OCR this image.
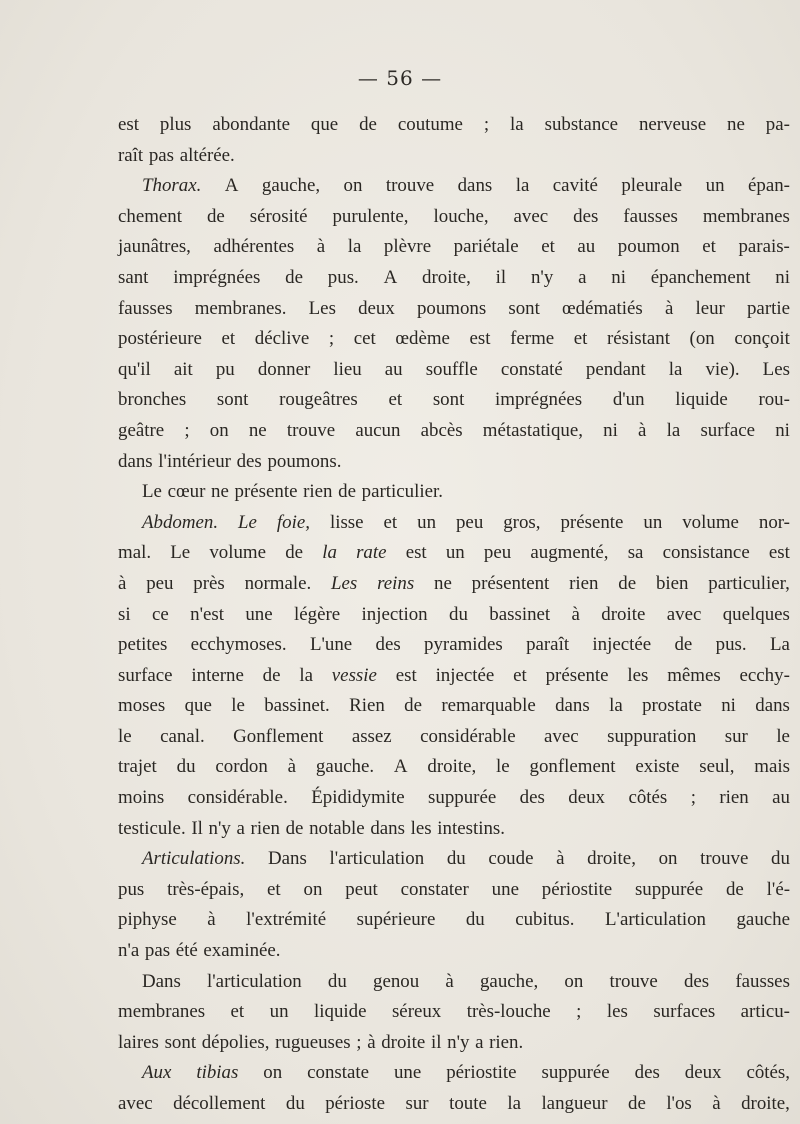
— 56 —
est plus abondante que de coutume ; la substance nerveuse ne pa-
raît pas altérée.
Thorax. A gauche, on trouve dans la cavité pleurale un épan-
chement de sérosité purulente, louche, avec des fausses membranes
jaunâtres, adhérentes à la plèvre pariétale et au poumon et parais-
sant imprégnées de pus. A droite, il n'y a ni épanchement ni
fausses membranes. Les deux poumons sont œdématiés à leur partie
postérieure et déclive ; cet œdème est ferme et résistant (on conçoit
qu'il ait pu donner lieu au souffle constaté pendant la vie). Les
bronches sont rougeâtres et sont imprégnées d'un liquide rou-
geâtre ; on ne trouve aucun abcès métastatique, ni à la surface ni
dans l'intérieur des poumons.
Le cœur ne présente rien de particulier.
Abdomen. Le foie, lisse et un peu gros, présente un volume nor-
mal. Le volume de la rate est un peu augmenté, sa consistance est
à peu près normale. Les reins ne présentent rien de bien particulier,
si ce n'est une légère injection du bassinet à droite avec quelques
petites ecchymoses. L'une des pyramides paraît injectée de pus. La
surface interne de la vessie est injectée et présente les mêmes ecchy-
moses que le bassinet. Rien de remarquable dans la prostate ni dans
le canal. Gonflement assez considérable avec suppuration sur le
trajet du cordon à gauche. A droite, le gonflement existe seul, mais
moins considérable. Épididymite suppurée des deux côtés ; rien au
testicule. Il n'y a rien de notable dans les intestins.
Articulations. Dans l'articulation du coude à droite, on trouve du
pus très-épais, et on peut constater une périostite suppurée de l'é-
piphyse à l'extrémité supérieure du cubitus. L'articulation gauche
n'a pas été examinée.
Dans l'articulation du genou à gauche, on trouve des fausses
membranes et un liquide séreux très-louche ; les surfaces articu-
laires sont dépolies, rugueuses ; à droite il n'y a rien.
Aux tibias on constate une périostite suppurée des deux côtés,
avec décollement du périoste sur toute la langueur de l'os à droite,
